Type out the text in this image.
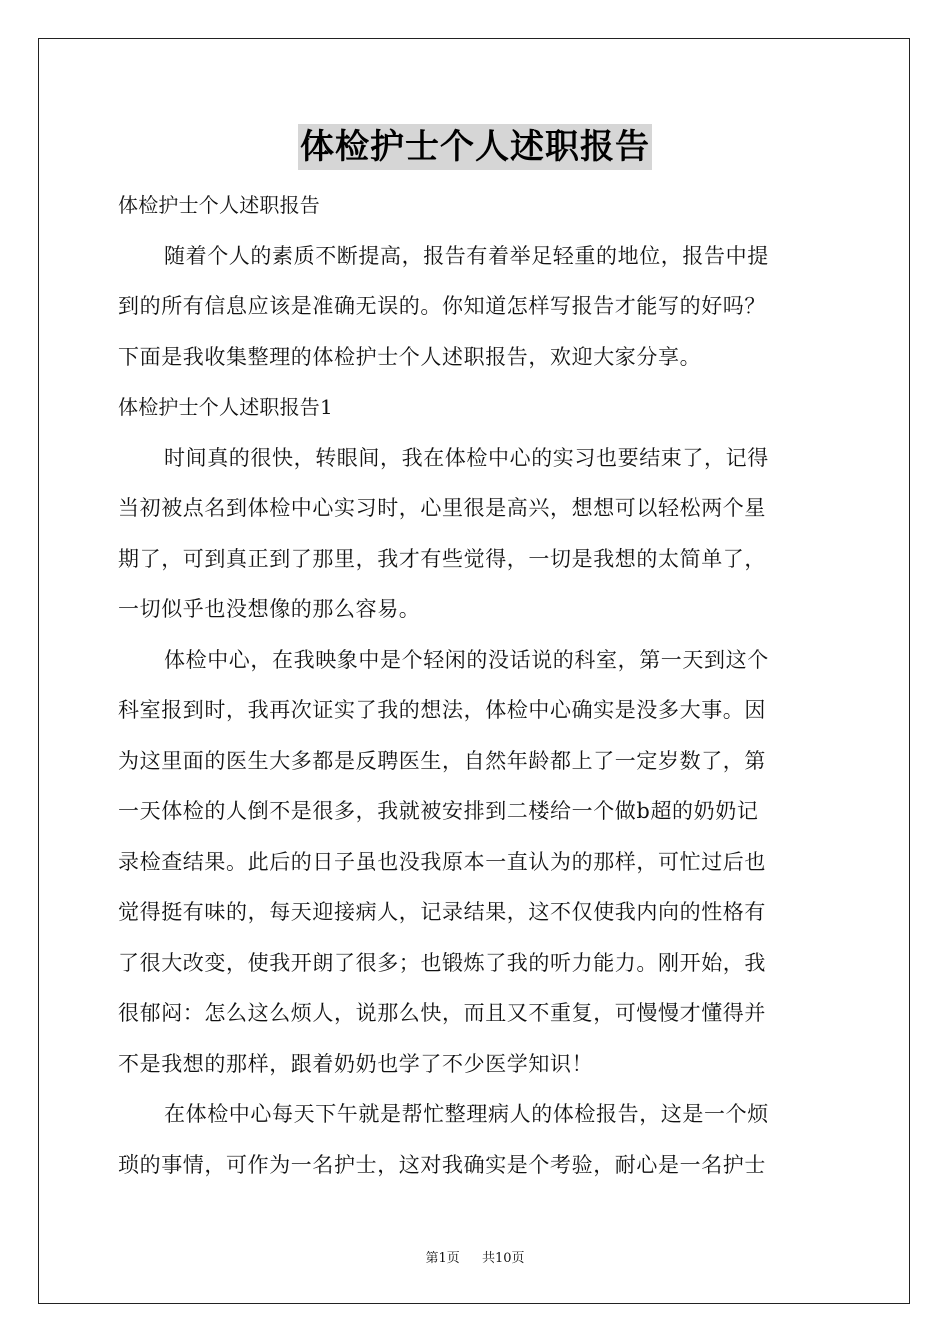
体检护士个人述职报告
体检护士个人述职报告
随着个人的素质不断提高，报告有着举足轻重的地位，报告中提
到的所有信息应该是准确无误的。你知道怎样写报告才能写的好吗？
下面是我收集整理的体检护士个人述职报告，欢迎大家分享。
体检护士个人述职报告1
时间真的很快，转眼间，我在体检中心的实习也要结束了，记得
当初被点名到体检中心实习时，心里很是高兴，想想可以轻松两个星
期了，可到真正到了那里，我才有些觉得，一切是我想的太简单了，
一切似乎也没想像的那么容易。
体检中心，在我映象中是个轻闲的没话说的科室，第一天到这个
科室报到时，我再次证实了我的想法，体检中心确实是没多大事。因
为这里面的医生大多都是反聘医生，自然年龄都上了一定岁数了，第
一天体检的人倒不是很多，我就被安排到二楼给一个做b超的奶奶记
录检查结果。此后的日子虽也没我原本一直认为的那样，可忙过后也
觉得挺有味的，每天迎接病人，记录结果，这不仅使我内向的性格有
了很大改变，使我开朗了很多；也锻炼了我的听力能力。刚开始，我
很郁闷：怎么这么烦人，说那么快，而且又不重复，可慢慢才懂得并
不是我想的那样，跟着奶奶也学了不少医学知识！
在体检中心每天下午就是帮忙整理病人的体检报告，这是一个烦
琐的事情，可作为一名护士，这对我确实是个考验，耐心是一名护士
第1页 共10页
